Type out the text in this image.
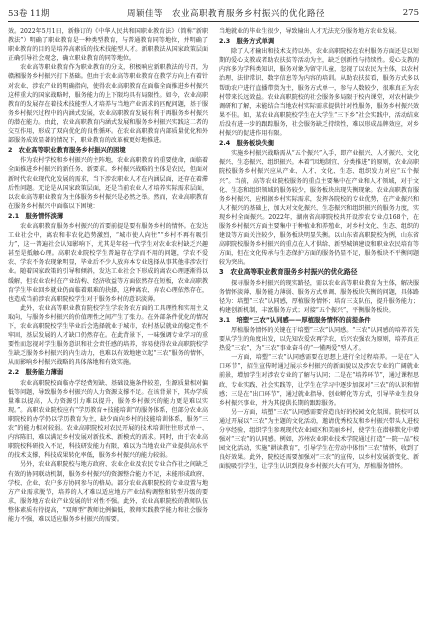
53卷 11期	周颖佳等　农业高职教育服务乡村振兴的优化路径	275

效。2022年5月1日，新修订的《中华人民共和国职业教育法》（简称“新职教法”）明确了职业教育是一种类型教育，与普通教育同等地位，并明确了职业教育的目的是培养高素质的技术技能型人才。新职教法从国家政策层面正确引导社会观念，确立职业教育的同等地位。

农业高等职业教育作为职业教育的分支，积极响应新职教法的号召，为赣湘服务乡村振兴打下基础。但由于农业高等职业教育在教学方向上有着针对农业、涉农产业的明确指向，使得农业高职教育在面临全面推进乡村振兴这样重大的国家战略时，服务能力的上下限均具有局限性。如今，农业高职教育的发展存在着技术技能型人才培养与当地产业需求的匹配问题，基于服务乡村振兴过程中的内涵式发展，农业高职教育发展有利于再服务乡村振兴的潜在能力。由此，农业高职教育内涵式发展和服务乡村振兴实践这二者的交互作用，形成了双向优化的良性循环。在农业高职教育内部质量优化和外部服务成效显著的情况下，职业教育的改革被更好地推进。

2　农业高等职业教育服务乡村振兴的困境

作为农村学校和乡村振兴的主阵地，农业高职教育的重要使命，面临着全面推进乡村振兴的新任务、新要求。乡村振兴战略的主体是农民，但面对新时代农业现代化发展的需求，当下涉农职业人才在内涵层面，还存在着滞后性问题。无论是从国家政策层面，还是当前农业人才培养实际需求层面，以农业高等职业教育为主体服务乡村振兴是必然之举。然而，农业高职教育在服务乡村振兴中面临以下困境：

2.1　服务情怀淡薄

农业高职教育服务乡村振兴的首要前提是要有服务乡村的情怀。在发达工业社会中，离农和非农化趋势激烈，“城市使人向往”“乡村不再有吸引力”，这一普遍社会认知影响下，尤其是年轻一代学生对农业农村缺乏兴趣甚至是抵触心理。高职农业院校学生普遍存在学而不用的问题，学农不爱农、学农不务农现象明显，毕业后不少人放弃本专业选择从事其他非涉农行业。随着国家政策的引导和倾斜，发达工业社会下形成的离农心理逐渐得以缓解，但农业农村在产业结构、经济收益等方面依然存在短板，农业高职教育学生毕业回乡就业仍面临着艰难的抉择，这种离农、弃农心理依然存在，也造成当前涉农高职院校学生对于服务乡村的意识淡薄。

此外，农业高等职业教育院校学生学农务农方面的工具理性和实用主义取向，与服务乡村振兴的价值理性之间产生了张力。在外部条件优化的情况下，农业高职院校学生毕业后会选择就业于城市，农村基层就业的稳定性不牢固，基层发展的人才缺口仍然存在。在此背景下，一味强调专业学习的重要性而忽视对学生服务意识和社会责任感的培养，容易使得农业高职院校学生缺乏服务乡村振兴的内生动力，也难以有效地建立起“三农”服务的情怀，从而影响乡村振兴战略的具体落地和有效实施。

2.2　服务能力薄弱

农业高职院校面临办学经费短缺、基础设施条件较差，生源质量相对偏低等问题，导致服务乡村振兴的人力资源支撑不足。在该背景下，其办学质量难以提高，人力资源引力难以提升，服务乡村振兴的能力更是难以实现。”。高职农业院校应有“学历教育+技能培训”的服务体系，但部分农业高职院校的办学仍以学历教育为主，缺少面向乡村的技能培训体系，服务“三农”的能力相对较弱。农业高职院校对农民开展的技术培训往往形式单一、内容陈旧，难以满足乡村发展对新技术、新模式的需求。同时，由于农业高职院校科研投入不足，科技研发能力有限，难以为当地农业产业提供高水平的技术支撑，科技成果转化率低，服务乡村振兴的能力较弱。

另外，农业高职院校与地方政府、农业企业及农民专业合作社之间缺乏有效的协同联动机制，服务乡村振兴的资源整合能力不足，未能形成政府、学校、企业、农户多方协同参与的格局。部分农业高职院校的专业设置与地方产业需求脱节，培养的人才难以适应地方产业结构调整和转型升级的要求，服务地方农业产业发展的针对性不强。此外，农业高职院校的教师队伍整体素质有待提高，“双师型”教师比例偏低，教师实践教学能力和社会服务能力不强，难以适应服务乡村振兴的需要。

当地就业的毕业生很少，导致输出人才无法充分服务地方农业发展。

2.3　服务方式单调

除了人才输出和技术支持以外，农业高职院校在农村服务方面还是以短期的爱心支教或者助农扶贫等活动为主，缺乏创新性与持续性。爱心支教的内容多为学科类知识，服务对象为留守儿童，忽视了以农民为主体，以农村治理、法律常识、数字信息等为内容的培训。从助农扶贫看，服务方式多以帮助农户进行直播带货为主，服务方式单一，参与人数较少，很难真正为农村带来长远效益。农业高职院校的社会服务多局限于校内课堂，对农村缺少调研和了解，未能结合当地农村实际需求提供针对性服务，服务乡村振兴效果不佳。如，某农业高职院校学生在大学生“三下乡”社会实践中，活动结束后没有进一步的跟踪服务，社会服务缺乏持续性，难以形成品牌效应，对乡村振兴的促进作用有限。

2.4　服务板块失衡

实施乡村振兴战略需从“五个振兴”入手，即产业振兴、人才振兴、文化振兴、生态振兴、组织振兴。本着“因地制宜、分类推进”的原则，农业高职院校服务乡村振兴应从产业、人才、文化、生态、组织发力对应“五个振兴”。当前，高等农业院校服务的重点主要集中在产业和人才领域，对于文化、生态和组织领域的服务较少，服务板块出现失衡现象。农业高职教育服务乡村振兴，应根据乡村实际需求，发挥各院校的专业优势，在产业振兴和人才振兴的基础上，加大对文化振兴、生态振兴和组织振兴的服务力度，实现乡村全面振兴。2022年，湖南省高职院校共开设涉农专业点168个，在服务乡村振兴方面主要集中于种植业和养殖业，对乡村文化、生态、组织的建设等方面关注较少，服务板块明显失衡。以山东省高职院校为例，山东省高职院校服务乡村振兴的重点在人才供给、新型城镇建设和职业农民培育等方面，但在文化传承与生态保护方面的服务仍显不足，服务板块不平衡问题较为突出。

3　农业高等职业教育服务乡村振兴的优化路径

探寻服务乡村振兴的现实路径，需以农业高等职业教育为主体，解决服务情怀淡薄、服务能力薄弱、服务方式单调、服务板块失衡的问题，具体路径为：培塑“三农”认同感，厚植服务情怀；培育三支队伍，提升服务能力；构建创新机制，丰富服务方式；对接“五个振兴”，平衡服务板块。

3.1　培塑“三农”认同感——厚植服务情怀的前提条件

厚植服务情怀的关键在于培塑“三农”认同感。“三农”认同感的培养首先要从学生的角度出发，以先知农爱农再学农，后兴农强农为原则，培养真正热爱“三农”、为“三农”事业奋斗的“一懂两爱”型人才。

一方面，培塑“三农”认同感需要在思想上进行全过程培养。一是在“入口环节”，招生宣传时通过展示乡村振兴的新面貌以及涉农专业的广阔就业前景，增加学生对涉农专业的了解与认同；二是在“培养环节”，通过课程思政、专业实践、社会实践等，让学生在学习中逐步加深对“三农”的认识和情感；三是在“出口环节”，通过就业指导、创业孵化等方式，引导毕业生投身乡村振兴事业，并为其提供长期的跟踪服务。

另一方面，培塑“三农”认同感需要营造良好的校园文化氛围。院校可以通过开展以“三农”为主题的文化活动，邀请优秀校友和乡村振兴带头人进校分享经验，组织学生参观现代农业园区和美丽乡村，使学生在潜移默化中增强对“三农”的认同感。例如，苏州农业职业技术学院通过打造“一院一品”校园文化活动，实施“耕读教育”，引导学生在劳动中体悟“三农”情怀，收到了良好效果。此外，院校还需要加强对“三农”的宣传，以乡村发展新变化、新面貌吸引学生，让学生认识到投身乡村振兴大有可为，厚植服务情怀。
